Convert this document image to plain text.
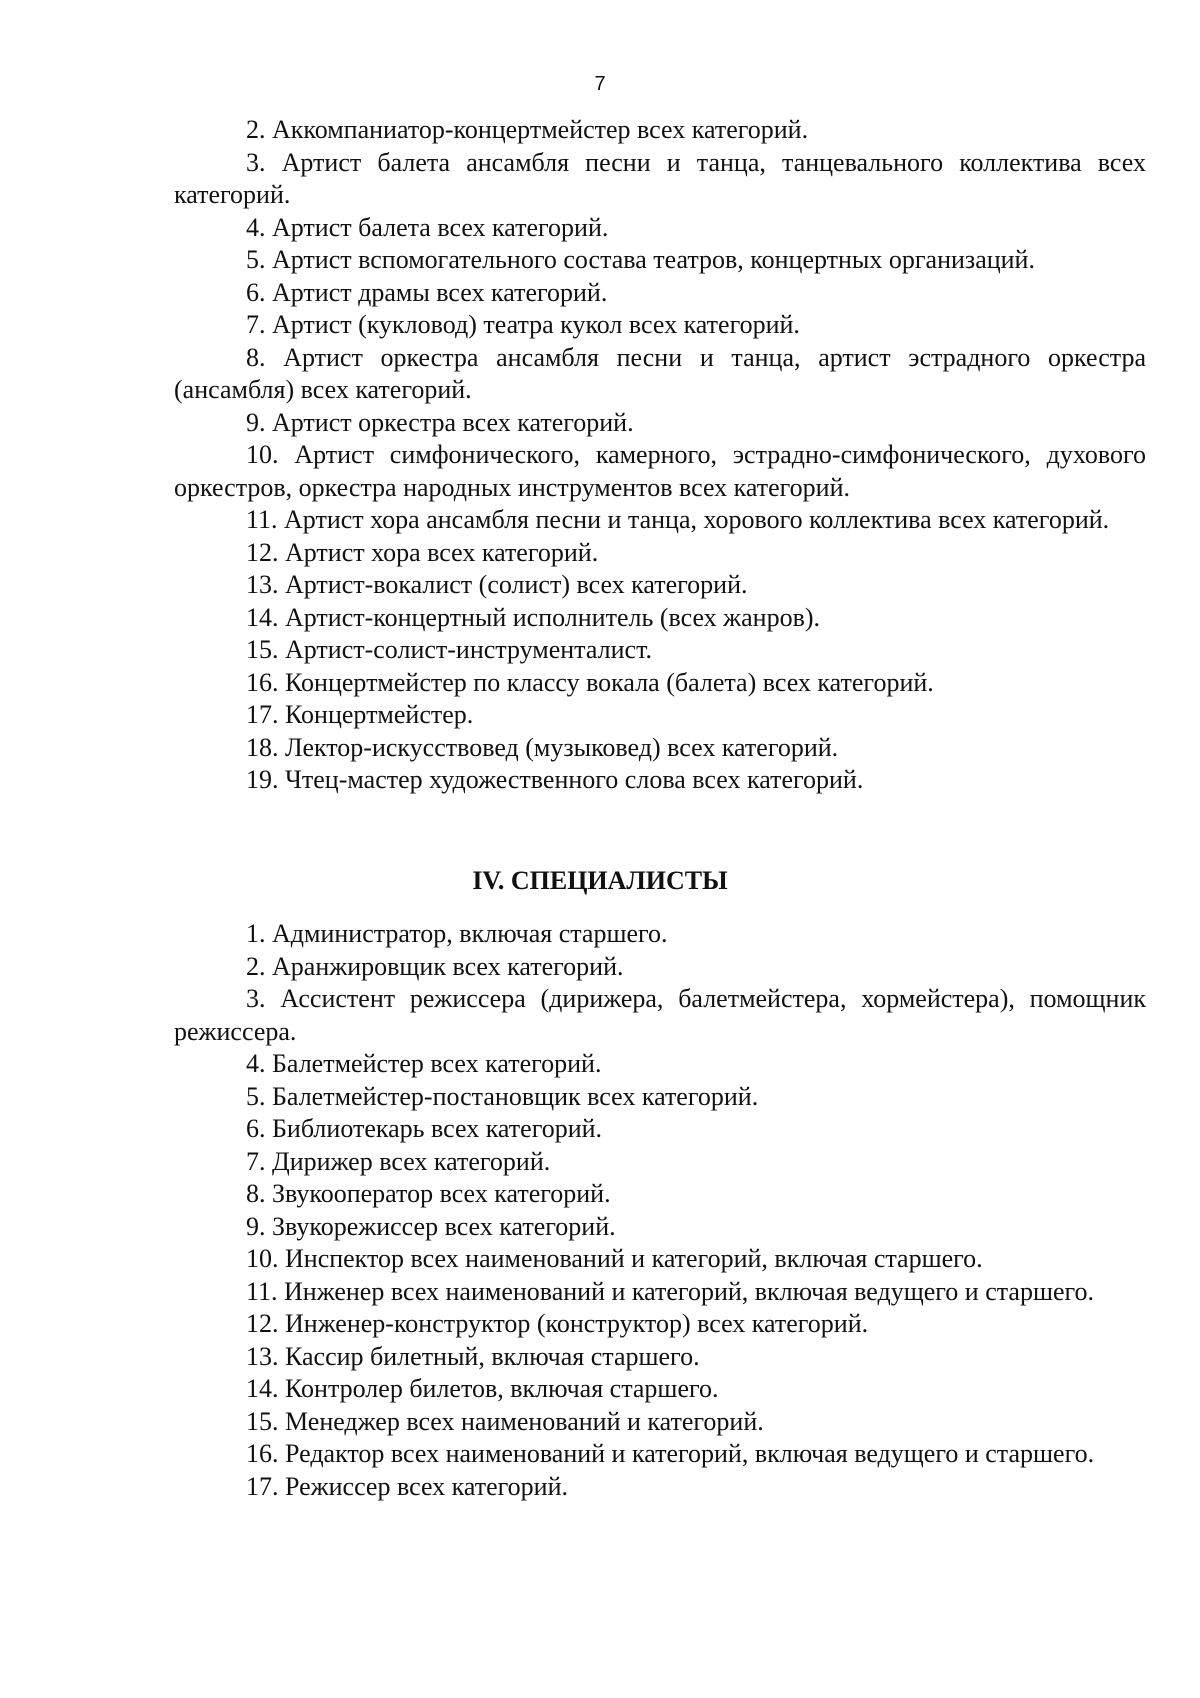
7

2. Аккомпаниатор-концертмейстер всех категорий.

3. Артист балета ансамбля песни и танца, танцевального коллектива всех категорий.

4. Артист балета всех категорий.

5. Артист вспомогательного состава театров, концертных организаций.

6. Артист драмы всех категорий.

7. Артист (кукловод) театра кукол всех категорий.

8. Артист оркестра ансамбля песни и танца, артист эстрадного оркестра (ансамбля) всех категорий.

9. Артист оркестра всех категорий.

10. Артист симфонического, камерного, эстрадно-симфонического, духового оркестров, оркестра народных инструментов всех категорий.

11. Артист хора ансамбля песни и танца, хорового коллектива всех категорий.

12. Артист хора всех категорий.

13. Артист-вокалист (солист) всех категорий.

14. Артист-концертный исполнитель (всех жанров).

15. Артист-солист-инструменталист.

16. Концертмейстер по классу вокала (балета) всех категорий.

17. Концертмейстер.

18. Лектор-искусствовед (музыковед) всех категорий.

19. Чтец-мастер художественного слова всех категорий.

IV. СПЕЦИАЛИСТЫ

1. Администратор, включая старшего.

2. Аранжировщик всех категорий.

3. Ассистент режиссера (дирижера, балетмейстера, хормейстера), помощник режиссера.

4. Балетмейстер всех категорий.

5. Балетмейстер-постановщик всех категорий.

6. Библиотекарь всех категорий.

7. Дирижер всех категорий.

8. Звукооператор всех категорий.

9. Звукорежиссер всех категорий.

10. Инспектор всех наименований и категорий, включая старшего.

11. Инженер всех наименований и категорий, включая ведущего и старшего.

12. Инженер-конструктор (конструктор) всех категорий.

13. Кассир билетный, включая старшего.

14. Контролер билетов, включая старшего.

15. Менеджер всех наименований и категорий.

16. Редактор всех наименований и категорий, включая ведущего и старшего.

17. Режиссер всех категорий.
